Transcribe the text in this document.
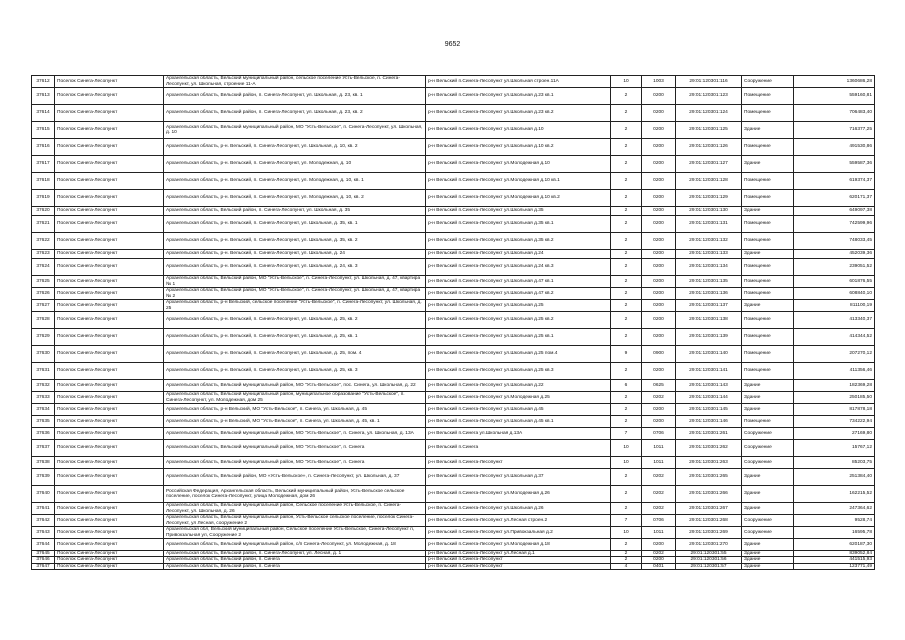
9652
37612	Поселок Синега-Лесопункт	Архангельская область, Вельский муниципальный район, сельское поселение Усть-Вельское, п. Синега-Лесопункт, ул. Школьная, строение 11-А	р-н Вельский п.Синега-Лесопункт ул.Школьная строен.11А	10	1003	29:01:120301:116	Сооружение	1360686,28
37613	Поселок Синега-Лесопункт	Архангельская область, Вельский район, п. Синега-Лесопункт, ул. Школьная, д. 23, кв. 1	р-н Вельский п.Синега-Лесопункт ул.Школьная д.23 кв.1	2	0200	29:01:120301:123	Помещение	559160,81
37614	Поселок Синега-Лесопункт	Архангельская область, Вельский район, п. Синега-Лесопункт, ул. Школьная, д. 23, кв. 2	р-н Вельский п.Синега-Лесопункт ул.Школьная д.23 кв.2	2	0200	29:01:120301:124	Помещение	706483,40
37615	Поселок Синега-Лесопункт	Архангельская область, Вельский муниципальный район, МО "Усть-Вельское", п. Синега-Лесопункт, ул. Школьная, д. 10	р-н Вельский п.Синега-Лесопункт ул.Школьная д.10	2	0200	29:01:120301:125	Здание	716377,25
37616	Поселок Синега-Лесопункт	Архангельская область, р-н. Вельский, п. Синега-Лесопункт, ул. Школьная, д. 10, кв. 2	р-н Вельский п.Синега-Лесопункт ул.Школьная д.10 кв.2	2	0200	29:01:120301:126	Помещение	491530,86
37617	Поселок Синега-Лесопункт	Архангельская область, р-н. Вельский, п. Синега-Лесопункт, ул. Молодежная, д. 10	р-н Вельский п.Синега-Лесопункт ул.Молодежная д.10	2	0200	29:01:120301:127	Здание	559587,36
37618	Поселок Синега-Лесопункт	Архангельская область, р-н. Вельский, п. Синега-Лесопункт, ул. Молодежная, д. 10, кв. 1	р-н Вельский п.Синега-Лесопункт ул.Молодежная д.10 кв.1	2	0200	29:01:120301:128	Помещение	619374,37
37619	Поселок Синега-Лесопункт	Архангельская область, р-н. Вельский, п. Синега-Лесопункт, ул. Молодежная, д. 10, кв. 2	р-н Вельский п.Синега-Лесопункт ул.Молодежная д.10 кв.2	2	0200	29:01:120301:129	Помещение	620171,37
37620	Поселок Синега-Лесопункт	Архангельская область, Вельский район, п. Синега-Лесопункт, ул. Школьная, д. 35	р-н Вельский п.Синега-Лесопункт ул.Школьная д.35	2	0200	29:01:120301:130	Здание	649097,38
37621	Поселок Синега-Лесопункт	Архангельская область, р-н. Вельский, п. Синега-Лесопункт, ул. Школьная, д. 35, кв. 1	р-н Вельский п.Синега-Лесопункт ул.Школьная д.35 кв.1	2	0200	29:01:120301:131	Помещение	742599,96
37622	Поселок Синега-Лесопункт	Архангельская область, р-н. Вельский, п. Синега-Лесопункт, ул. Школьная, д. 35, кв. 2	р-н Вельский п.Синега-Лесопункт ул.Школьная д.35 кв.2	2	0200	29:01:120301:132	Помещение	748033,45
37623	Поселок Синега-Лесопункт	Архангельская область, р-н. Вельский, п. Синега-Лесопункт, ул. Школьная, д. 24	р-н Вельский п.Синега-Лесопункт ул.Школьная д.24	2	0200	29:01:120301:133	Здание	452039,36
37624	Поселок Синега-Лесопункт	Архангельская область, р-н. Вельский, п. Синега-Лесопункт, ул. Школьная, д. 24, кв. 3	р-н Вельский п.Синега-Лесопункт ул.Школьная д.24 кв.3	2	0200	29:01:120301:134	Помещение	239051,52
37625	Поселок Синега-Лесопункт	Архангельская область, Вельский район, МО "Усть-Вельское", п. Синега-Лесопункт, ул. Школьная, д. 47, квартира № 1	р-н Вельский п.Синега-Лесопункт ул.Школьная д.47 кв.1	2	0200	29:01:120301:135	Помещение	601876,55
37626	Поселок Синега-Лесопункт	Архангельская область, Вельский район, МО "Усть-Вельское", п. Синега-Лесопункт, ул. Школьная, д. 47, квартира № 2	р-н Вельский п.Синега-Лесопункт ул.Школьная д.47 кв.2	2	0200	29:01:120301:136	Помещение	608840,10
37627	Поселок Синега-Лесопункт	Архангельская область, р-н Вельский, сельское поселение "Усть-Вельское", п. Синега-Лесопункт, ул. Школьная, д. 25	р-н Вельский п.Синега-Лесопункт ул.Школьная д.25	2	0200	29:01:120301:137	Здание	811100,19
37628	Поселок Синега-Лесопункт	Архангельская область, р-н. Вельский, п. Синега-Лесопункт, ул. Школьная, д. 25, кв. 2	р-н Вельский п.Синега-Лесопункт ул.Школьная д.25 кв.2	2	0200	29:01:120301:138	Помещение	413340,37
37629	Поселок Синега-Лесопункт	Архангельская область, р-н. Вельский, п. Синега-Лесопункт, ул. Школьная, д. 25, кв. 1	р-н Вельский п.Синега-Лесопункт ул.Школьная д.25 кв.1	2	0200	29:01:120301:139	Помещение	414344,52
37630	Поселок Синега-Лесопункт	Архангельская область, р-н. Вельский, п. Синега-Лесопункт, ул. Школьная, д. 25, пом. 4	р-н Вельский п.Синега-Лесопункт ул.Школьная д.25 пом.4	9	0900	29:01:120301:140	Помещение	207270,12
37631	Поселок Синега-Лесопункт	Архангельская область, р-н. Вельский, п. Синега-Лесопункт, ул. Школьная, д. 25, кв. 3	р-н Вельский п.Синега-Лесопункт ул.Школьная д.25 кв.3	2	0200	29:01:120301:141	Помещение	411356,46
37632	Поселок Синега-Лесопункт	Архангельская область, Вельский муниципальный район, МО "Усть-Вельское", пос. Синега, ул. Школьная, д. 22	р-н Вельский п.Синега-Лесопункт ул.Школьная д.22	6	0625	29:01:120301:143	Здание	182369,28
37633	Поселок Синега-Лесопункт	Архангельская область, Вельский муниципальный район, муниципальное образование "Усть-Вельское", п. Синега-Лесопункт, ул. Молодежная, дом 25	р-н Вельский п.Синега-Лесопункт ул.Молодежная д.25	2	0202	29:01:120301:144	Здание	250185,50
37634	Поселок Синега-Лесопункт	Архангельская область, р-н Вельский, МО "Усть-Вельское", п. Синега, ул. Школьная, д. 45	р-н Вельский п.Синега-Лесопункт ул.Школьная д.45	2	0200	29:01:120301:145	Здание	817878,18
37635	Поселок Синега-Лесопункт	Архангельская область, р-н Вельский, МО "Усть-Вельское", п. Синега, ул. Школьная, д. 45, кв. 1	р-н Вельский п.Синега-Лесопункт ул.Школьная д.45 кв.1	2	0200	29:01:120301:146	Помещение	734222,94
37636	Поселок Синега-Лесопункт	Архангельская область, Вельский муниципальный район, МО "Усть-Вельское", п. Синега, ул. Школьная, д. 13А	р-н Вельский п.Синега ул.Школьная д.13А	7	0706	29:01:120301:261	Сооружение	27169,80
37637	Поселок Синега-Лесопункт	Архангельская область, Вельский муниципальный район, МО "Усть-Вельское", п. Синега	р-н Вельский п.Синега	10	1011	29:01:120301:262	Сооружение	15767,12
37638	Поселок Синега-Лесопункт	Архангельская область, Вельский муниципальный район, МО "Усть-Вельское", п. Синега	р-н Вельский п.Синега-Лесопункт	10	1011	29:01:120301:263	Сооружение	85203,75
37639	Поселок Синега-Лесопункт	Архангельская область, Вельский район, МО «Усть-Вельское», п. Синега-Лесопункт, ул. Школьная, д. 37	р-н Вельский п.Синега-Лесопункт ул.Школьная д.37	2	0202	29:01:120301:265	Здание	251384,40
37640	Поселок Синега-Лесопункт	Российская Федерация, Архангельская область, Вельский муниципальный район, Усть-Вельское сельское поселение, поселок Синега-Лесопункт, улица Молодежная, дом 26	р-н Вельский п.Синега-Лесопункт ул.Молодежная д.26	2	0202	29:01:120301:266	Здание	162215,52
37641	Поселок Синега-Лесопункт	Архангельская область, Вельский муниципальный район, Сельское поселение Усть-Вельское, п. Синега-Лесопункт, ул. Школьная, д. 26	р-н Вельский п.Синега-Лесопункт ул.Школьная д.26	2	0202	29:01:120301:267	Здание	247364,62
37642	Поселок Синега-Лесопункт	Архангельская область, Вельский муниципальный район, Усть-Вельское сельское поселение, поселок Синега-Лесопункт, ул Лесная, сооружение 2	р-н Вельский п.Синега-Лесопункт ул.Лесная строен.2	7	0706	29:01:120301:268	Сооружение	9528,74
37643	Поселок Синега-Лесопункт	Архангельская обл, Вельский муниципальный район, Сельское поселение Усть-Вельское, Синега-Лесопункт п, Привокзальная ул, Сооружение 2	р-н Вельский п.Синега-Лесопункт ул.Привокзальная д.2	10	1011	29:01:120301:269	Сооружение	16595,78
37644	Поселок Синега-Лесопункт	Архангельская область, Вельский муниципальный район, с/п Синега-Лесопункт, ул. Молодежная, д. 18	р-н Вельский п.Синега-Лесопункт ул.Молодежная д.18	2	0200	29:01:120301:270	Здание	620187,30
37645	Поселок Синега-Лесопункт	Архангельская область, Вельский район, п. Синега-Лесопункт, ул. Лесная, д. 1	р-н Вельский п.Синега-Лесопункт ул.Лесная д.1	2	0202	29:01:120301:55	Здание	839052,84
37646	Поселок Синега-Лесопункт	Архангельская область, Вельский район, п. Синега	р-н Вельский п.Синега-Лесопункт	2	0200	29:01:120301:56	Здание	441515,93
37647	Поселок Синега-Лесопункт	Архангельская область, Вельский район, п. Синега	р-н Вельский п.Синега-Лесопункт	4	0401	29:01:120301:57	Здание	123771,49
